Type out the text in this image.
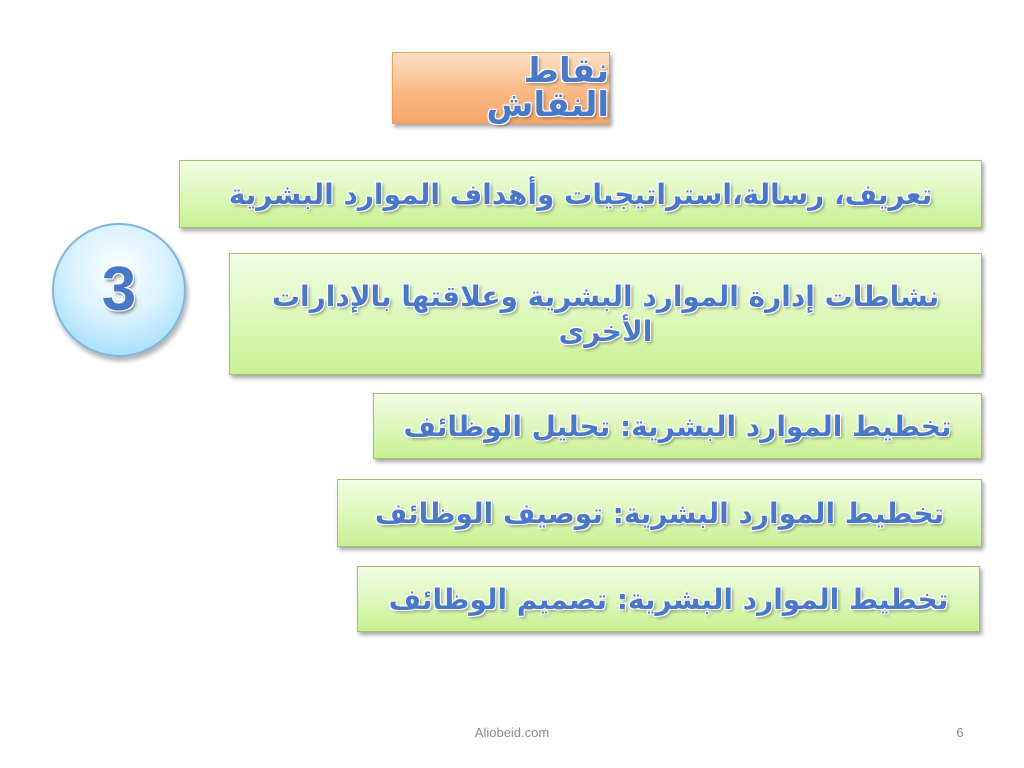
نقاط النقاش
تعريف، رسالة،استراتيجيات وأهداف الموارد البشرية
3	نشاطات إدارة الموارد البشرية وعلاقتها بالإدارات الأخرى
تخطيط الموارد البشرية: تحليل الوظائف
تخطيط الموارد البشرية: توصيف الوظائف
تخطيط الموارد البشرية: تصميم الوظائف
Aliobeid.com	6
